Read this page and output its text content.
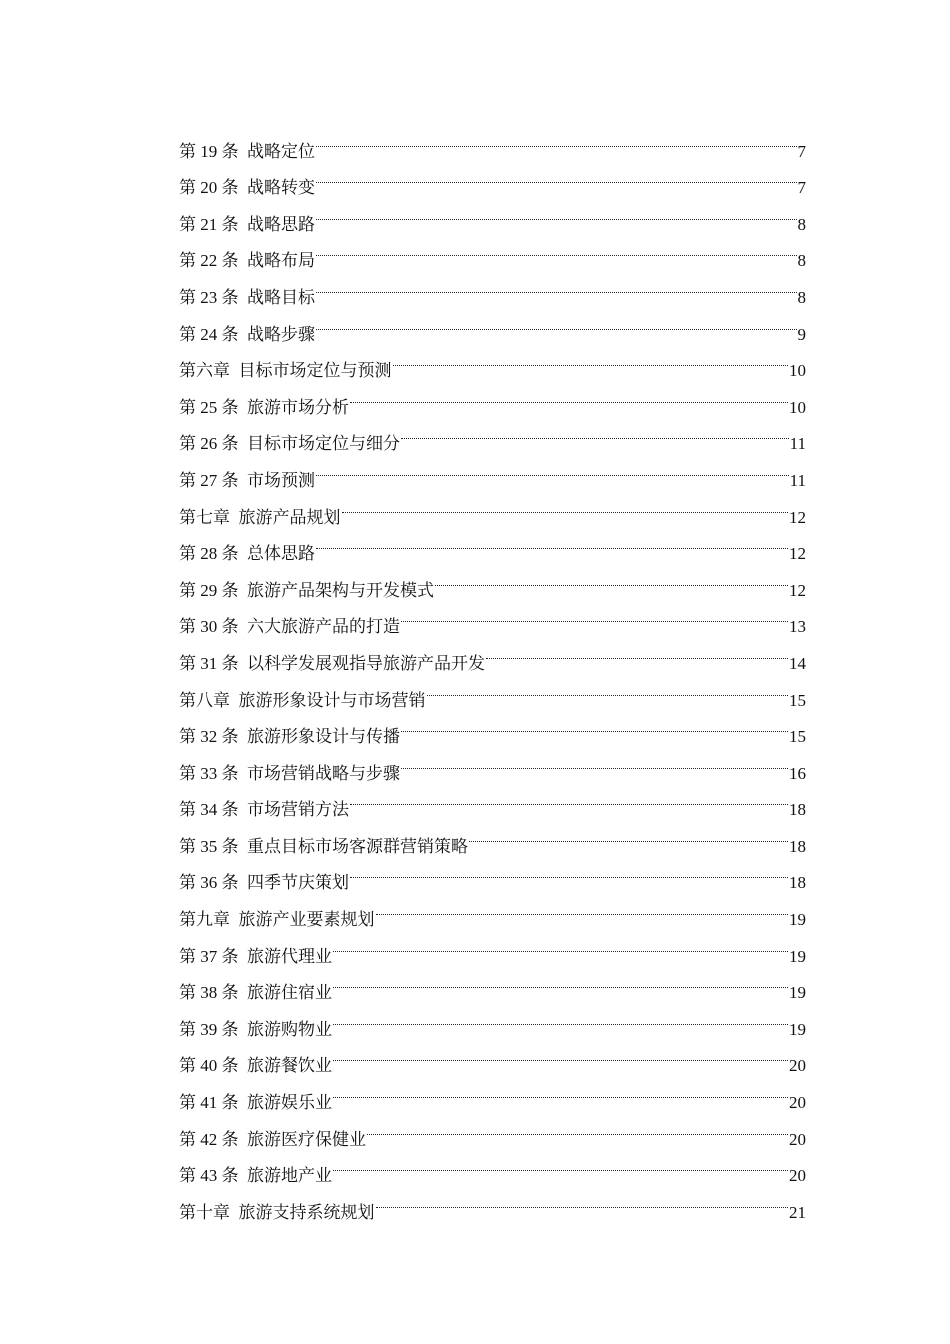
第 19 条  战略定位	7
第 20 条  战略转变	7
第 21 条  战略思路	8
第 22 条  战略布局	8
第 23 条  战略目标	8
第 24 条  战略步骤	9
第六章  目标市场定位与预测	10
第 25 条  旅游市场分析	10
第 26 条  目标市场定位与细分	11
第 27 条  市场预测	11
第七章  旅游产品规划	12
第 28 条  总体思路	12
第 29 条  旅游产品架构与开发模式	12
第 30 条  六大旅游产品的打造	13
第 31 条  以科学发展观指导旅游产品开发	14
第八章  旅游形象设计与市场营销	15
第 32 条  旅游形象设计与传播	15
第 33 条  市场营销战略与步骤	16
第 34 条  市场营销方法	18
第 35 条  重点目标市场客源群营销策略	18
第 36 条  四季节庆策划	18
第九章  旅游产业要素规划	19
第 37 条  旅游代理业	19
第 38 条  旅游住宿业	19
第 39 条  旅游购物业	19
第 40 条  旅游餐饮业	20
第 41 条  旅游娱乐业	20
第 42 条  旅游医疗保健业	20
第 43 条  旅游地产业	20
第十章  旅游支持系统规划	21
